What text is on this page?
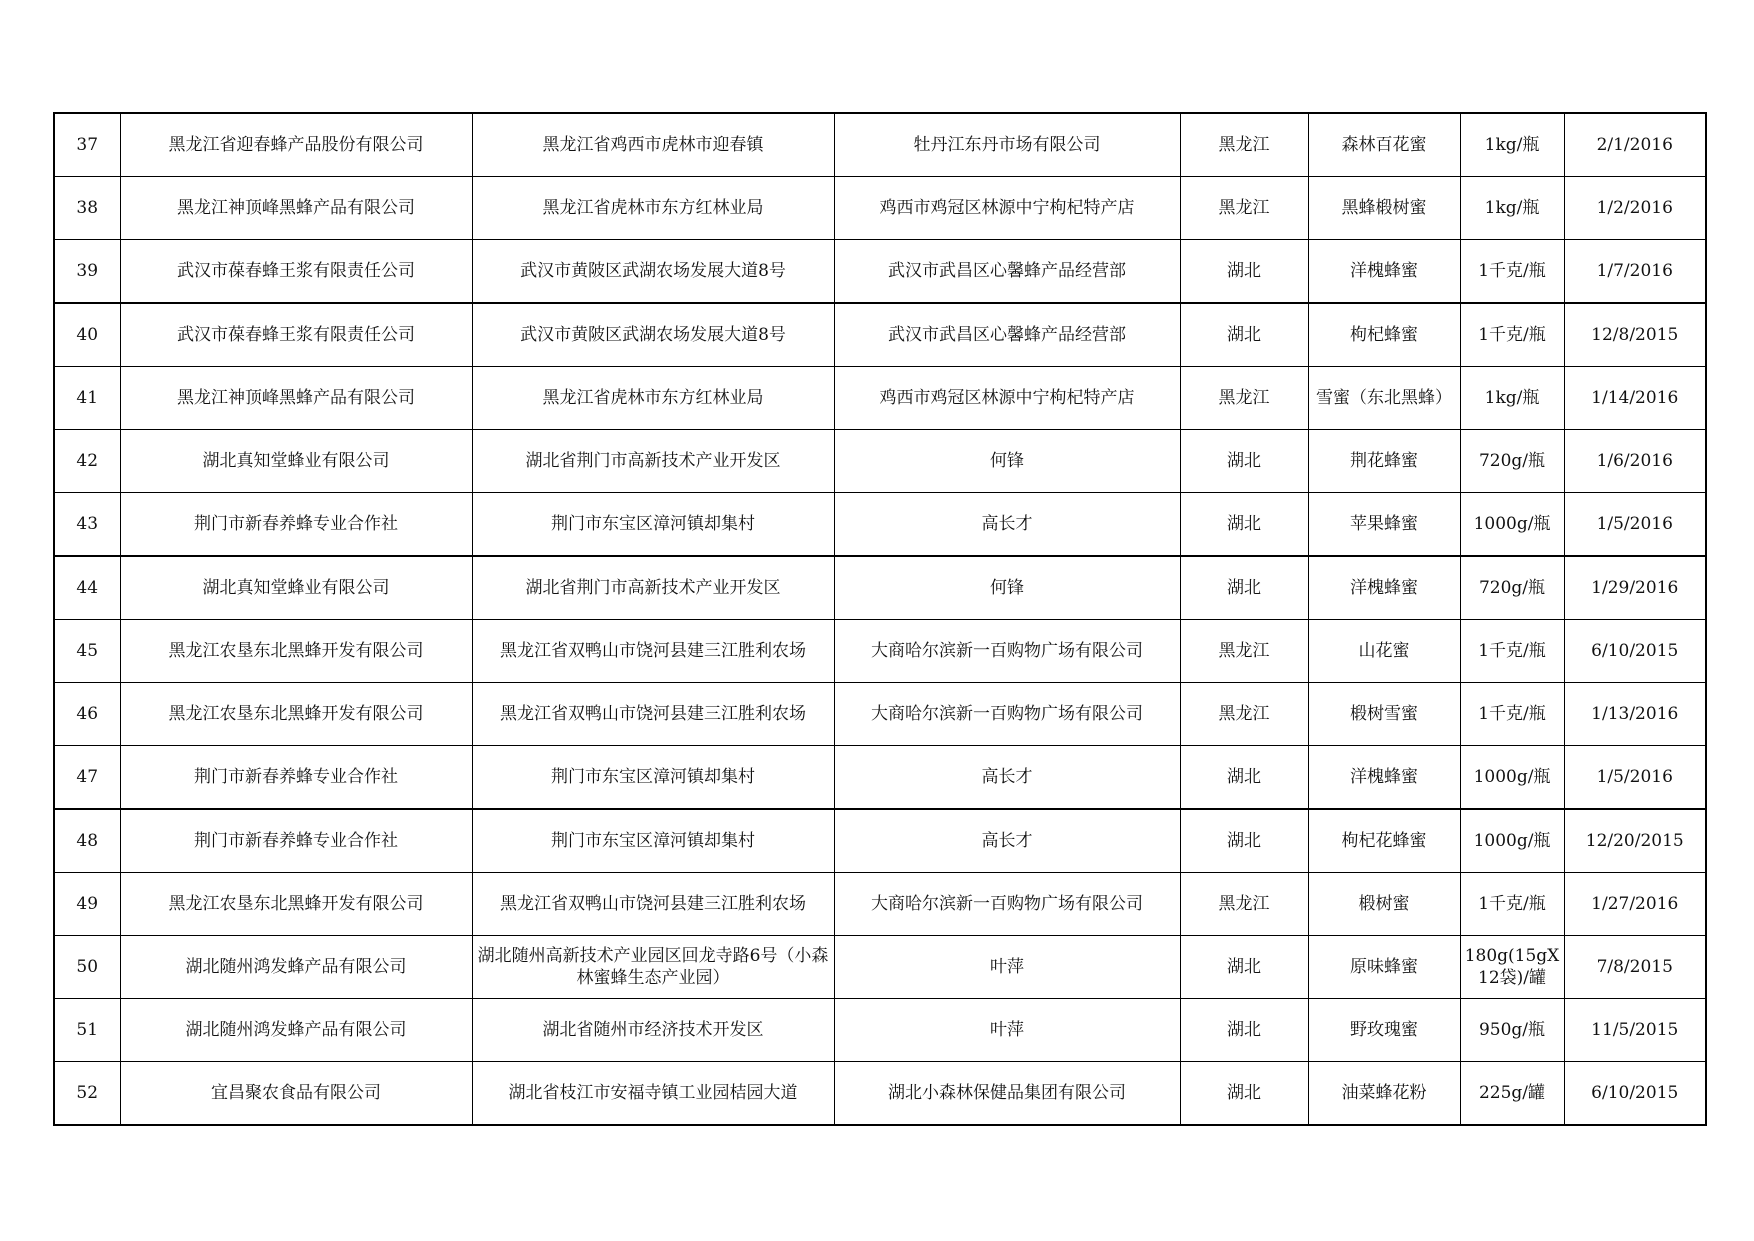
37	黑龙江省迎春蜂产品股份有限公司	黑龙江省鸡西市虎林市迎春镇	牡丹江东丹市场有限公司	黑龙江	森林百花蜜	1kg/瓶	2/1/2016
38	黑龙江神顶峰黑蜂产品有限公司	黑龙江省虎林市东方红林业局	鸡西市鸡冠区林源中宁枸杞特产店	黑龙江	黑蜂椴树蜜	1kg/瓶	1/2/2016
39	武汉市葆春蜂王浆有限责任公司	武汉市黄陂区武湖农场发展大道8号	武汉市武昌区心馨蜂产品经营部	湖北	洋槐蜂蜜	1千克/瓶	1/7/2016
40	武汉市葆春蜂王浆有限责任公司	武汉市黄陂区武湖农场发展大道8号	武汉市武昌区心馨蜂产品经营部	湖北	枸杞蜂蜜	1千克/瓶	12/8/2015
41	黑龙江神顶峰黑蜂产品有限公司	黑龙江省虎林市东方红林业局	鸡西市鸡冠区林源中宁枸杞特产店	黑龙江	雪蜜（东北黑蜂）	1kg/瓶	1/14/2016
42	湖北真知堂蜂业有限公司	湖北省荆门市高新技术产业开发区	何锋	湖北	荆花蜂蜜	720g/瓶	1/6/2016
43	荆门市新春养蜂专业合作社	荆门市东宝区漳河镇却集村	高长才	湖北	苹果蜂蜜	1000g/瓶	1/5/2016
44	湖北真知堂蜂业有限公司	湖北省荆门市高新技术产业开发区	何锋	湖北	洋槐蜂蜜	720g/瓶	1/29/2016
45	黑龙江农垦东北黑蜂开发有限公司	黑龙江省双鸭山市饶河县建三江胜利农场	大商哈尔滨新一百购物广场有限公司	黑龙江	山花蜜	1千克/瓶	6/10/2015
46	黑龙江农垦东北黑蜂开发有限公司	黑龙江省双鸭山市饶河县建三江胜利农场	大商哈尔滨新一百购物广场有限公司	黑龙江	椴树雪蜜	1千克/瓶	1/13/2016
47	荆门市新春养蜂专业合作社	荆门市东宝区漳河镇却集村	高长才	湖北	洋槐蜂蜜	1000g/瓶	1/5/2016
48	荆门市新春养蜂专业合作社	荆门市东宝区漳河镇却集村	高长才	湖北	枸杞花蜂蜜	1000g/瓶	12/20/2015
49	黑龙江农垦东北黑蜂开发有限公司	黑龙江省双鸭山市饶河县建三江胜利农场	大商哈尔滨新一百购物广场有限公司	黑龙江	椴树蜜	1千克/瓶	1/27/2016
50	湖北随州鸿发蜂产品有限公司	湖北随州高新技术产业园区回龙寺路6号（小森林蜜蜂生态产业园）	叶萍	湖北	原味蜂蜜	180g(15gX12袋)/罐	7/8/2015
51	湖北随州鸿发蜂产品有限公司	湖北省随州市经济技术开发区	叶萍	湖北	野玫瑰蜜	950g/瓶	11/5/2015
52	宜昌聚农食品有限公司	湖北省枝江市安福寺镇工业园桔园大道	湖北小森林保健品集团有限公司	湖北	油菜蜂花粉	225g/罐	6/10/2015
